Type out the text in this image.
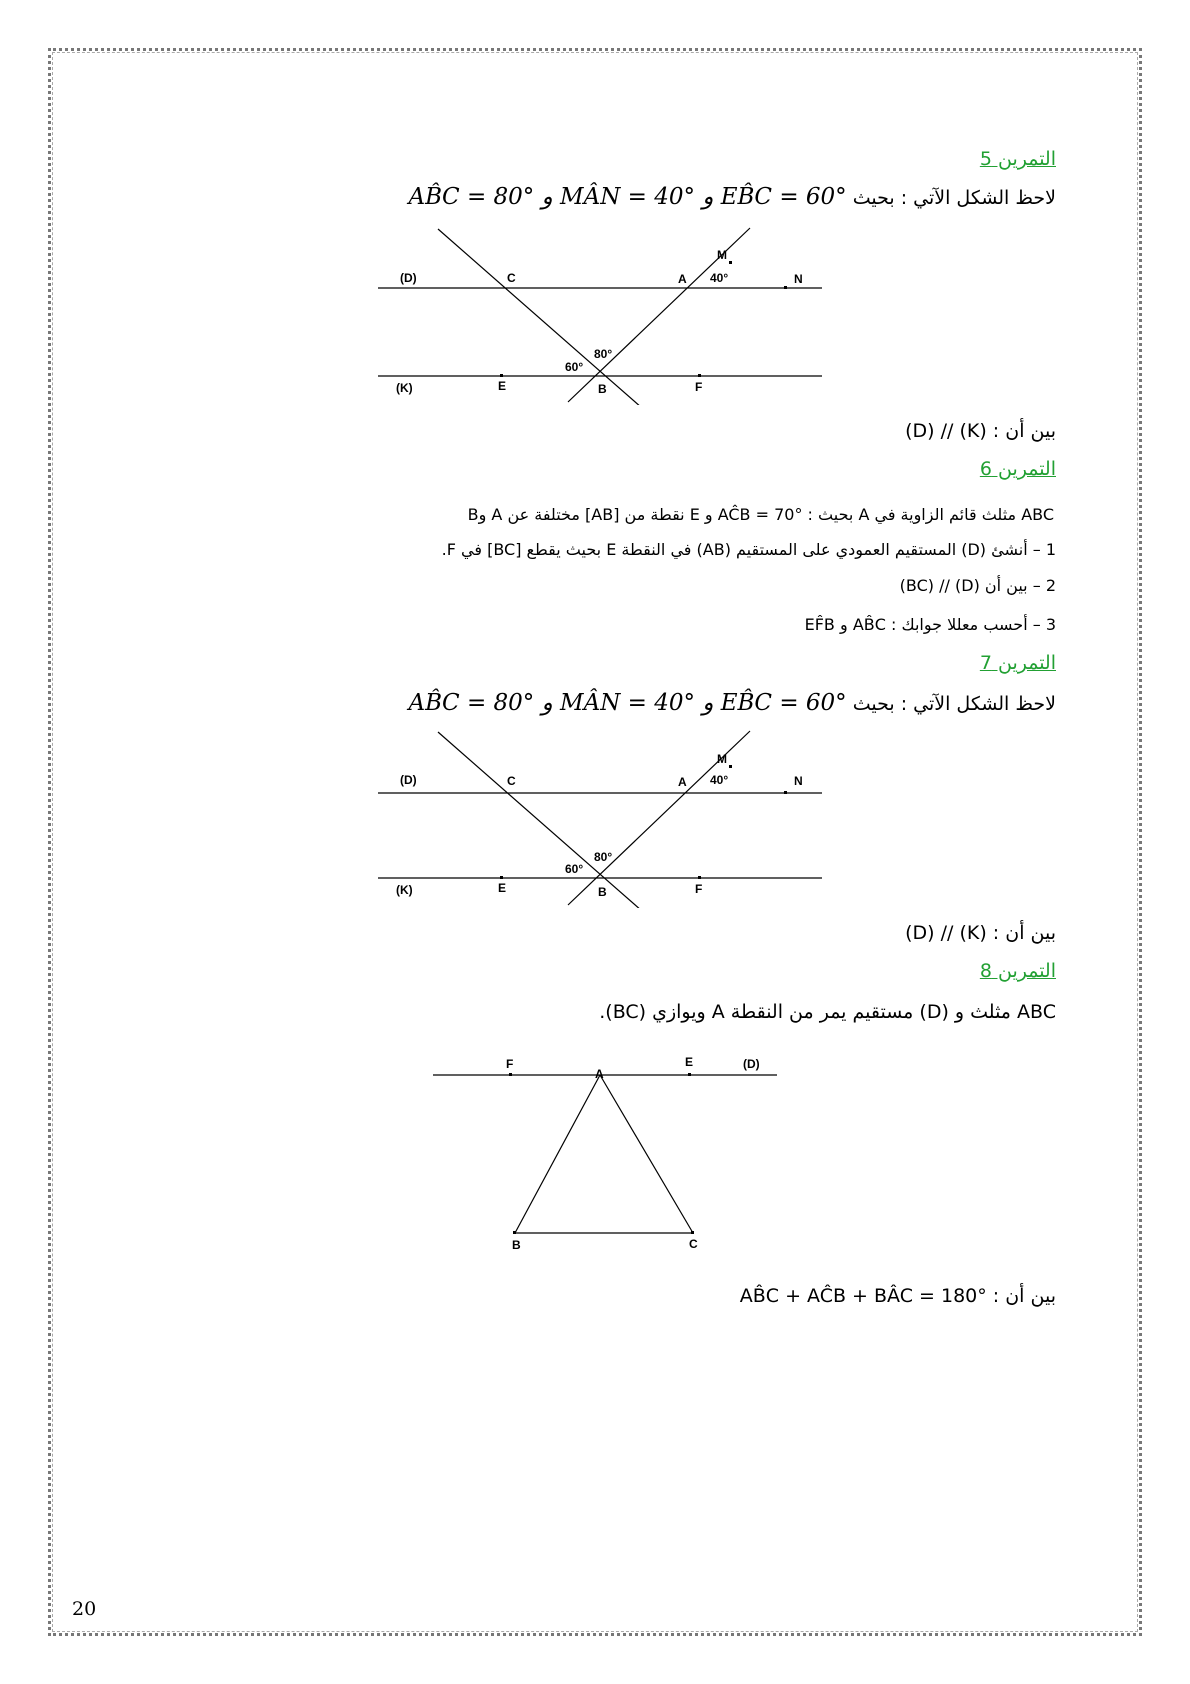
التمرين 5
لاحظ الشكل الآتي : بحيث AB̂C = 80° و MÂN = 40° و EB̂C = 60°
(D)	C	A
M
40°	N
80°
60°
(K)	E	B	F
بين أن : (K) // (D)
التمرين 6
ABC مثلث قائم الزاوية في A بحيث : AĈB = 70° و E نقطة من [AB] مختلفة عن A وB
1 – أنشئ (D) المستقيم العمودي على المستقيم (AB) في النقطة E بحيث يقطع [BC] في F.
2 – بين أن (D) // (BC)
3 – أحسب معللا جوابك : AB̂C و EF̂B
التمرين 7
لاحظ الشكل الآتي : بحيث AB̂C = 80° و MÂN = 40° و EB̂C = 60°
(D)	C	A
M
40°	N
80°
60°
(K)	E	B	F
بين أن : (K) // (D)
التمرين 8
ABC مثلث و (D) مستقيم يمر من النقطة A ويوازي (BC).
F
A
E	(D)
B	C
بين أن : AB̂C + AĈB + BÂC = 180°
20
